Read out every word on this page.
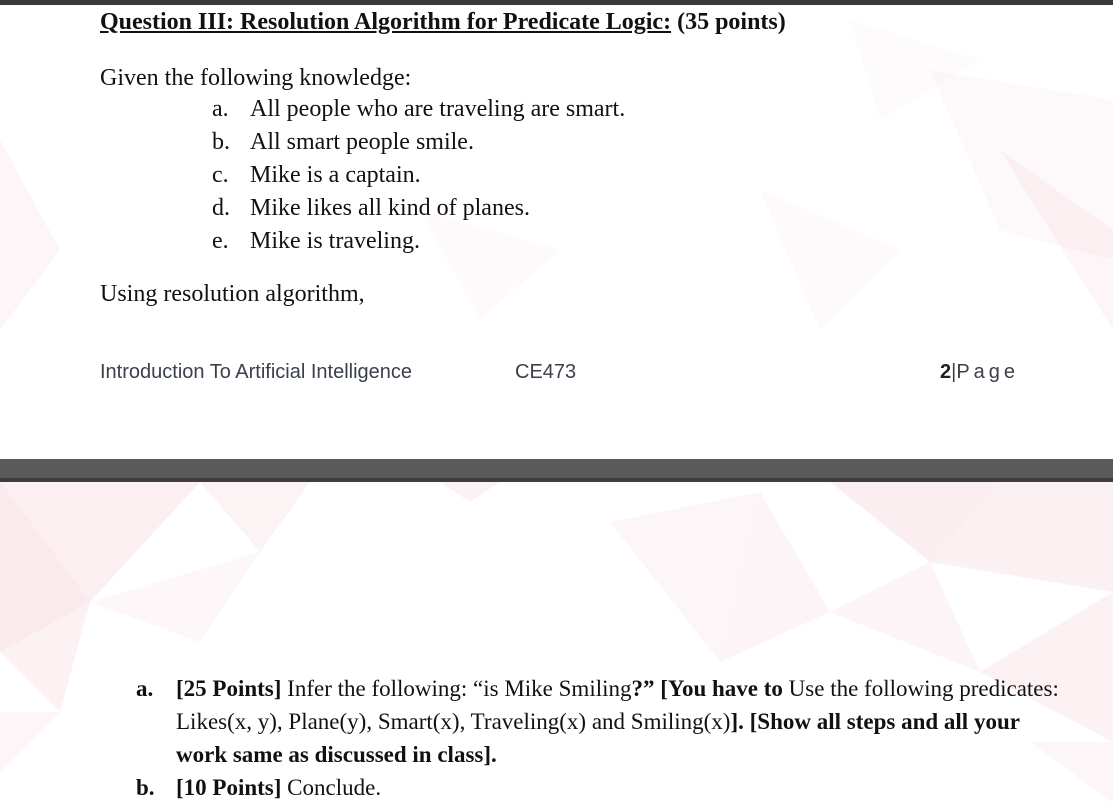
Question III: Resolution Algorithm for Predicate Logic: (35 points)

Given the following knowledge:

a. All people who are traveling are smart.
b. All smart people smile.
c. Mike is a captain.
d. Mike likes all kind of planes.
e. Mike is traveling.

Using resolution algorithm,

Introduction To Artificial Intelligence	CE473	2|Page
a. [25 Points] Infer the following: “is Mike Smiling?” [You have to Use the following predicates: Likes(x, y), Plane(y), Smart(x), Traveling(x) and Smiling(x)]. [Show all steps and all your work same as discussed in class].
b. [10 Points] Conclude.
